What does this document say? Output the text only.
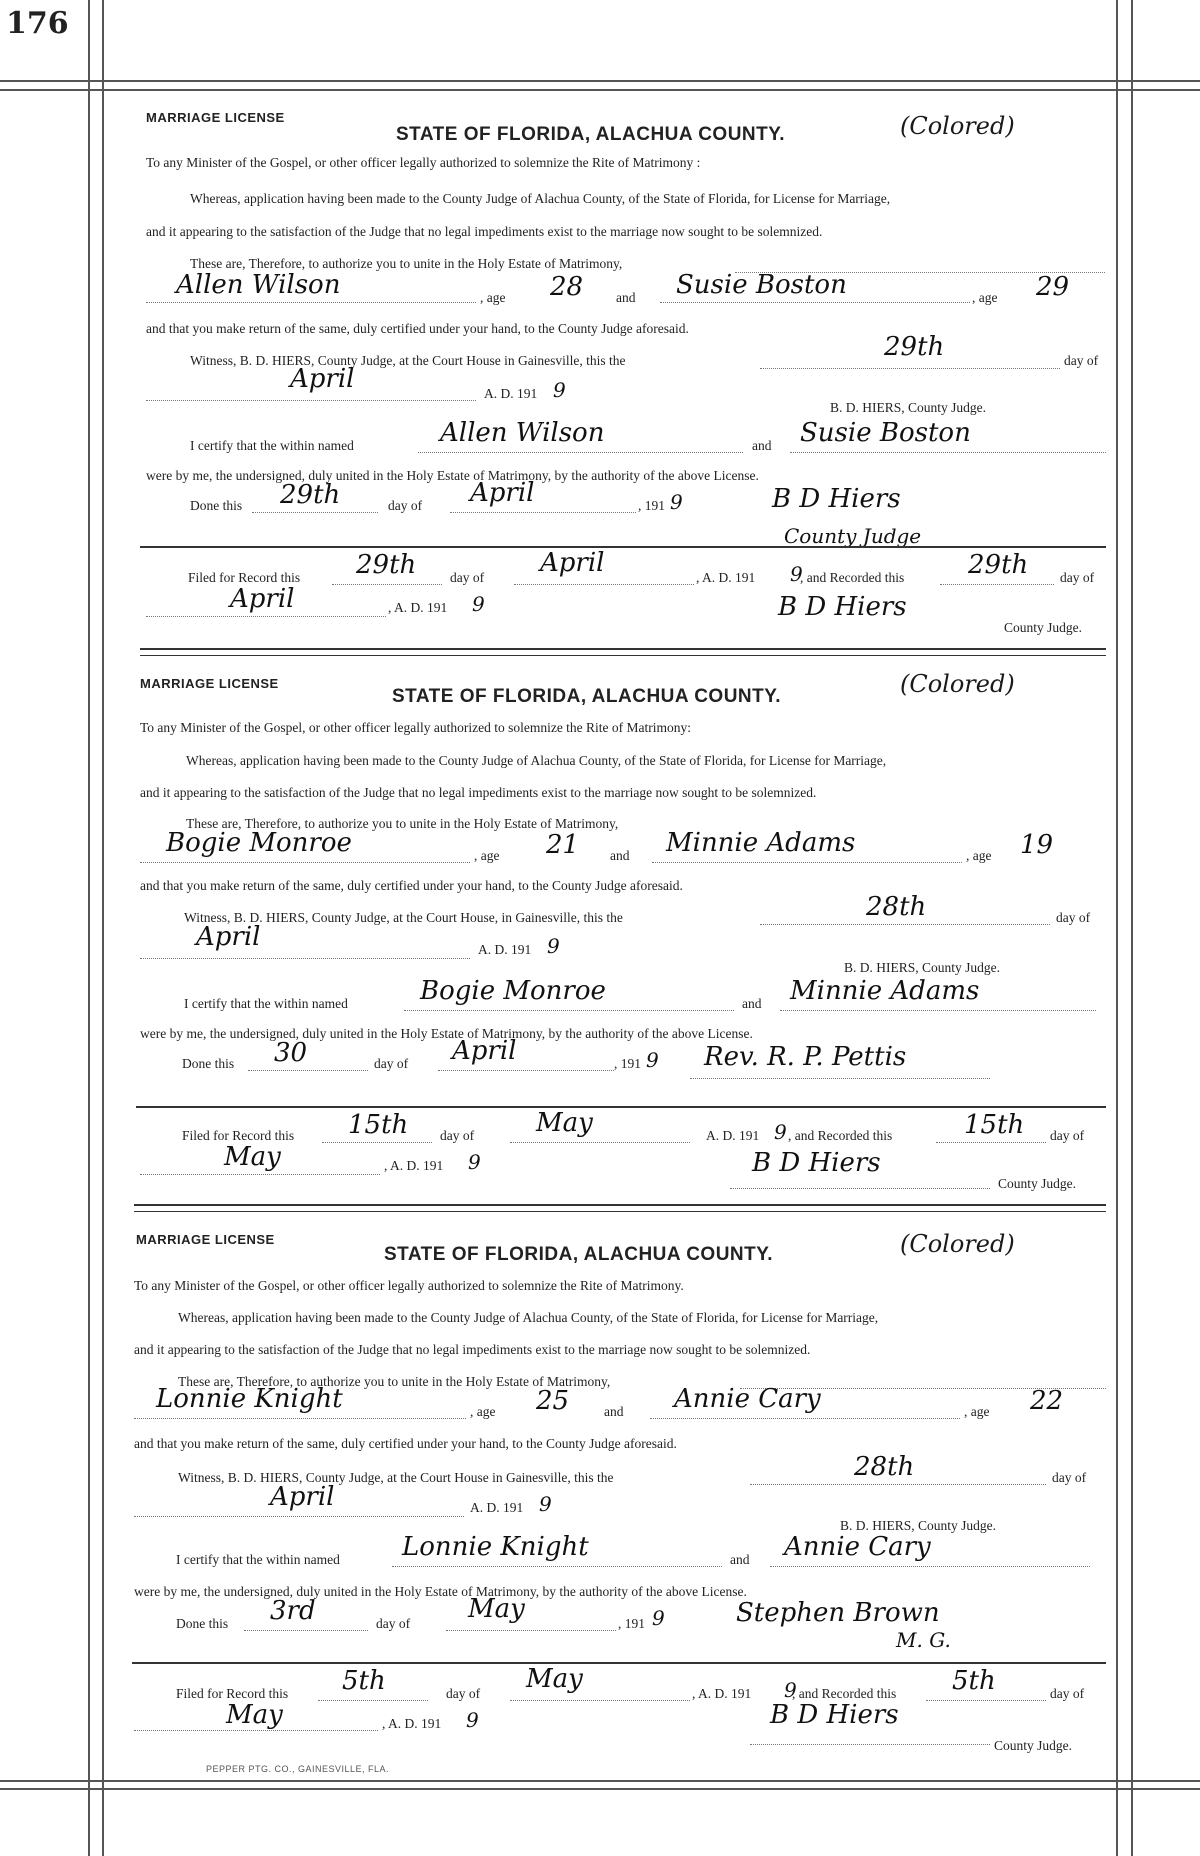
176
MARRIAGE LICENSE
STATE OF FLORIDA, ALACHUA COUNTY.	(Colored)
To any Minister of the Gospel, or other officer legally authorized to solemnize the Rite of Matrimony :
Whereas, application having been made to the County Judge of Alachua County, of the State of Florida, for License for Marriage,
and it appearing to the satisfaction of the Judge that no legal impediments exist to the marriage now sought to be solemnized.
These are, Therefore, to authorize you to unite in the Holy Estate of Matrimony,
Allen Wilson	, age 28 and Susie Boston	, age 29
and that you make return of the same, duly certified under your hand, to the County Judge aforesaid.
Witness, B. D. HIERS, County Judge, at the Court House in Gainesville, this the	29th	day of
April	A. D. 191 9
B. D. HIERS, County Judge.
I certify that the within named	Allen Wilson	and Susie Boston
were by me, the undersigned, duly united in the Holy Estate of Matrimony, by the authority of the above License.
Done this 29th	day of April	, 191 9	B D Hiers
County Judge
Filed for Record this 29th day of April	, A. D. 191 9
, and Recorded this 29th day of
April	, A. D. 191 9	B D Hiers
County Judge.
MARRIAGE LICENSE
STATE OF FLORIDA, ALACHUA COUNTY.	(Colored)
To any Minister of the Gospel, or other officer legally authorized to solemnize the Rite of Matrimony:
Whereas, application having been made to the County Judge of Alachua County, of the State of Florida, for License for Marriage,
and it appearing to the satisfaction of the Judge that no legal impediments exist to the marriage now sought to be solemnized.
These are, Therefore, to authorize you to unite in the Holy Estate of Matrimony,
Bogie Monroe	, age 21 and Minnie Adams	, age 19
and that you make return of the same, duly certified under your hand, to the County Judge aforesaid.
Witness, B. D. HIERS, County Judge, at the Court House, in Gainesville, this the	28th	day of
April	A. D. 191 9
B. D. HIERS, County Judge.
I certify that the within named	Bogie Monroe	and Minnie Adams
were by me, the undersigned, duly united in the Holy Estate of Matrimony, by the authority of the above License.
Done this 30	day of April	, 191 9 Rev. R. P. Pettis
Filed for Record this 15th day of May	A. D. 191 9 , and Recorded this	15th day of
May	, A. D. 191 9	B D Hiers
County Judge.
MARRIAGE LICENSE
STATE OF FLORIDA, ALACHUA COUNTY.	(Colored)
To any Minister of the Gospel, or other officer legally authorized to solemnize the Rite of Matrimony.
Whereas, application having been made to the County Judge of Alachua County, of the State of Florida, for License for Marriage,
and it appearing to the satisfaction of the Judge that no legal impediments exist to the marriage now sought to be solemnized.
These are, Therefore, to authorize you to unite in the Holy Estate of Matrimony,
Lonnie Knight	, age 25	and Annie Cary	, age 22
and that you make return of the same, duly certified under your hand, to the County Judge aforesaid.
Witness, B. D. HIERS, County Judge, at the Court House in Gainesville, this the	28th	day of
April	A. D. 191 9
B. D. HIERS, County Judge.
I certify that the within named Lonnie Knight	and Annie Cary
were by me, the undersigned, duly united in the Holy Estate of Matrimony, by the authority of the above License.
Done this 3rd	day of May	, 191 9	Stephen Brown
M. G.
Filed for Record this 5th	day of May	, A. D. 191 9
, and Recorded this 5th	day of
May	, A. D. 191 9	B D Hiers
County Judge.
PEPPER PTG. CO., GAINESVILLE, FLA.
